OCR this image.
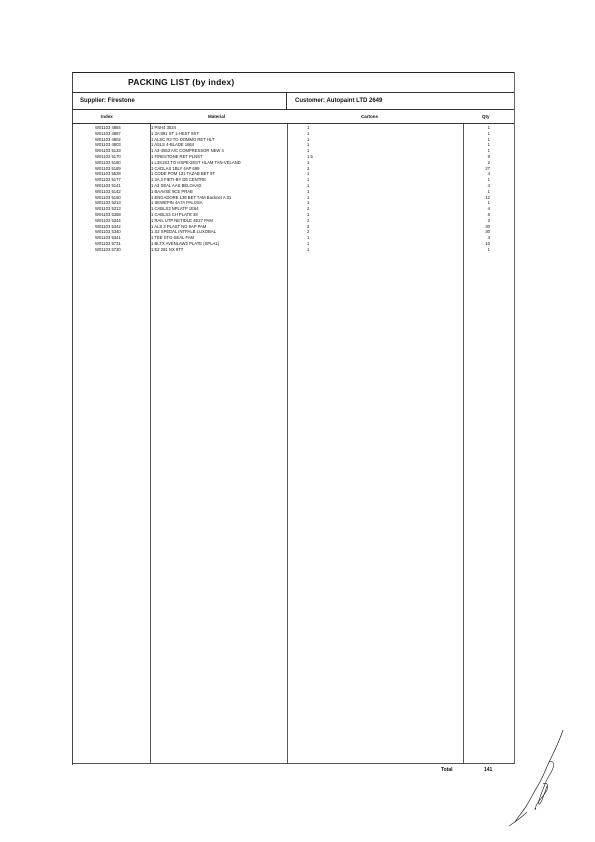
PACKING LIST (by index)
Supplier: Firestone	Customer: Autopaint LTD 2649
Index	Material	Cartons	Qty
W01103 4884	1 PSH4 3534	1	1
W01103 4887	1 3A 891 ST 1-HEST 9ST	1	1
W01103 4902	1 ALSC R3 TO DOMMO RET HLT	1	1
W01103 4903	1 ASLS 4-BLADE 1664	1	1
W01103 5133	1 A3-4553 A/C COMPRESSOR NEW 4	1	1
W01103 5170	1 FIRESTONE RET PLNST	1.5	9
W01103 5180	1 L3S1S3 TO HSPE-2EST HLAM TAN-VELAND	1	2
W01103 5189	1 CADLAS 1BLY 4AP 699	2	27
W01103 5528	1 CODE POM 131 TAZAB BET 9T	1	4
W01103 5177	1 3A 3 FIETI-BY D6 CENTRE	1	1
W01103 5141	1 A3 SEAL AAS BELOAAD	1	4
W01103 5142	1 BAAVSE 9CE PRAB	1	1
W01103 5150	1 ENGADORE 138 BET 7AM Backnet A 31	1	12
W01103 5213	1 SEWEPIN 4A7A PALOSA	1	1
W01103 5313	1 CABLS3 NPLATP 1E64	2	4
W01103 5358	1 CABLS3 CH PLATE 38	1	8
W01103 5344	1 RAIL UTP NETIDLE 4E27 PAM	2	3
W01103 5342	1 ALS 3 PLAST NG 9AP PAM	2	30
W01103 5340	1 S2 SPEDAL INTPALB LUXOBAL	2	30
W01103 5341	1 TEE STG-SEAL FAM	1	4
W01103 5731	1 BLTX AVENLAW2 PLATE (SPLA1)	1	10
W01103 5730	1 E2 281 NX 9TT	1	1
Total	141
